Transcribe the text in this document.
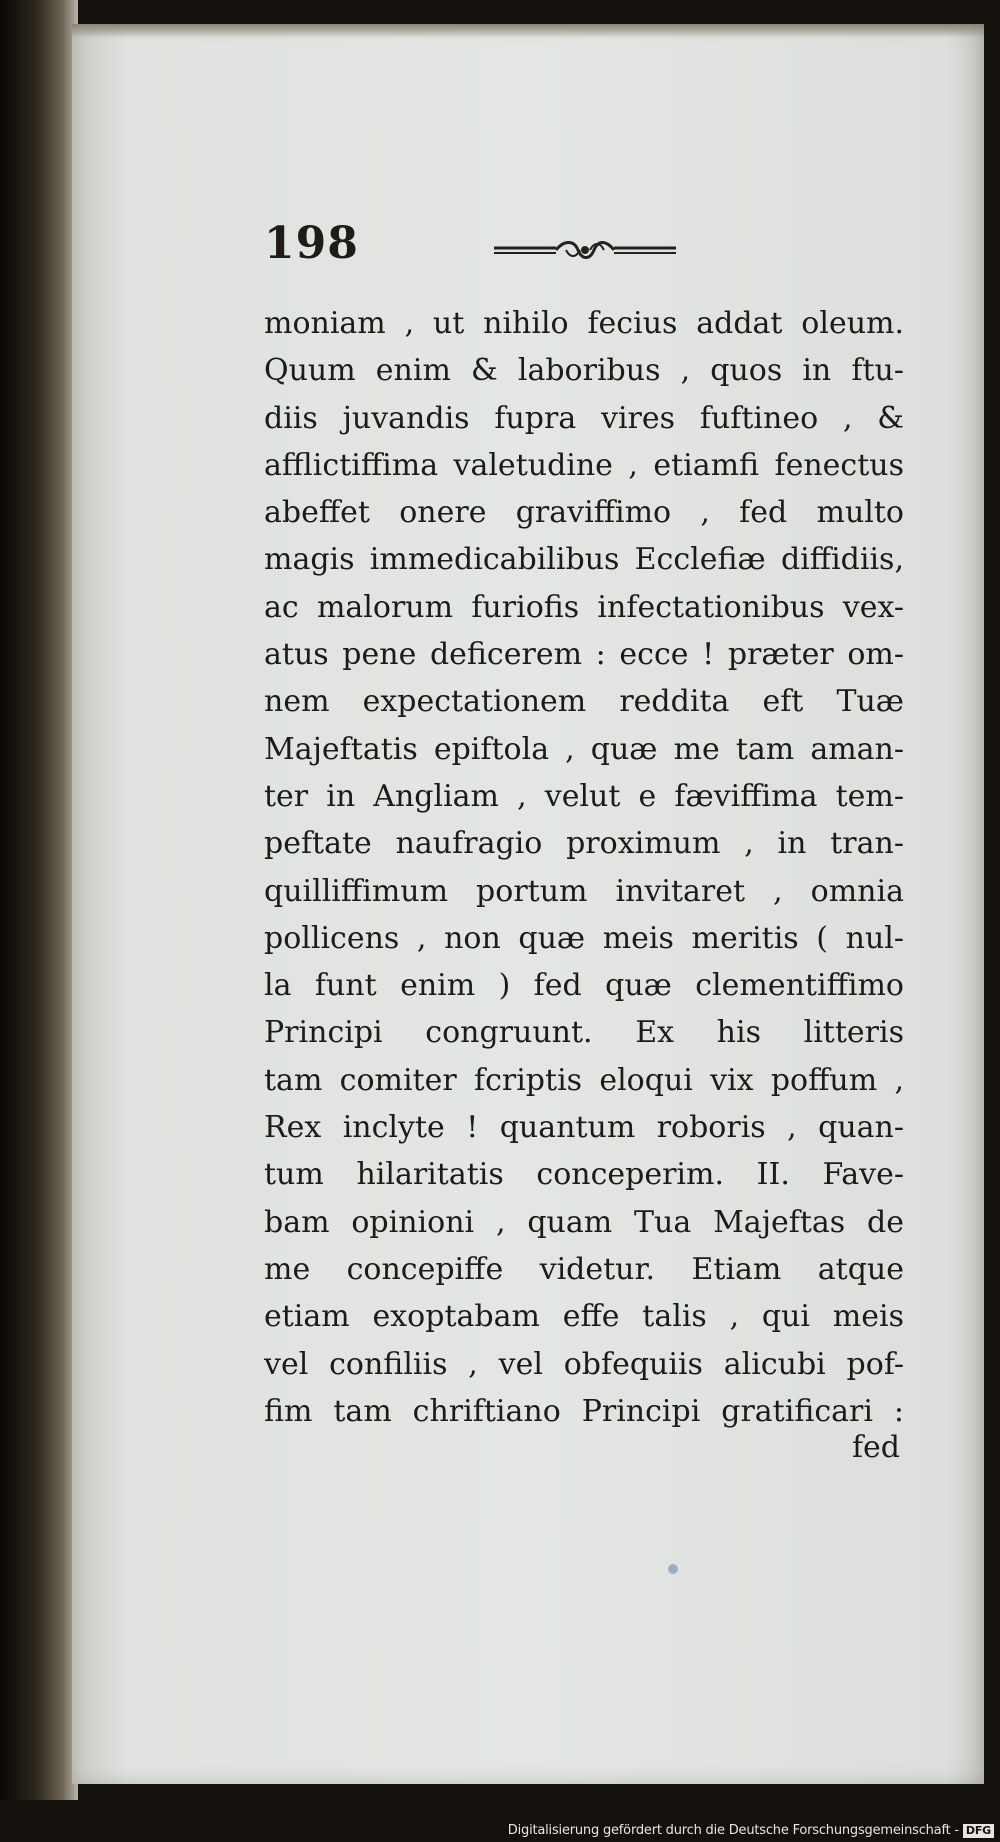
198
moniam , ut nihilo fecius addat oleum.
Quum enim & laboribus , quos in ftu-
diis juvandis fupra vires fuftineo , &
afflictiffima valetudine , etiamfi fenectus
abeffet onere graviffimo , fed multo
magis immedicabilibus Ecclefiæ diffidiis,
ac malorum furiofis infectationibus vex-
atus pene deficerem : ecce ! præter om-
nem expectationem reddita eft Tuæ
Majeftatis epiftola , quæ me tam aman-
ter in Angliam , velut e fæviffima tem-
peftate naufragio proximum , in tran-
quilliffimum portum invitaret , omnia
pollicens , non quæ meis meritis ( nul-
la funt enim ) fed quæ clementiffimo
Principi congruunt. Ex his litteris
tam comiter fcriptis eloqui vix poffum ,
Rex inclyte ! quantum roboris , quan-
tum hilaritatis conceperim. II. Fave-
bam opinioni , quam Tua Majeftas de
me concepiffe videtur. Etiam atque
etiam exoptabam effe talis , qui meis
vel confiliis , vel obfequiis alicubi pof-
fim tam chriftiano Principi gratificari :
fed
Digitalisierung gefördert durch die Deutsche Forschungsgemeinschaft - DFG
